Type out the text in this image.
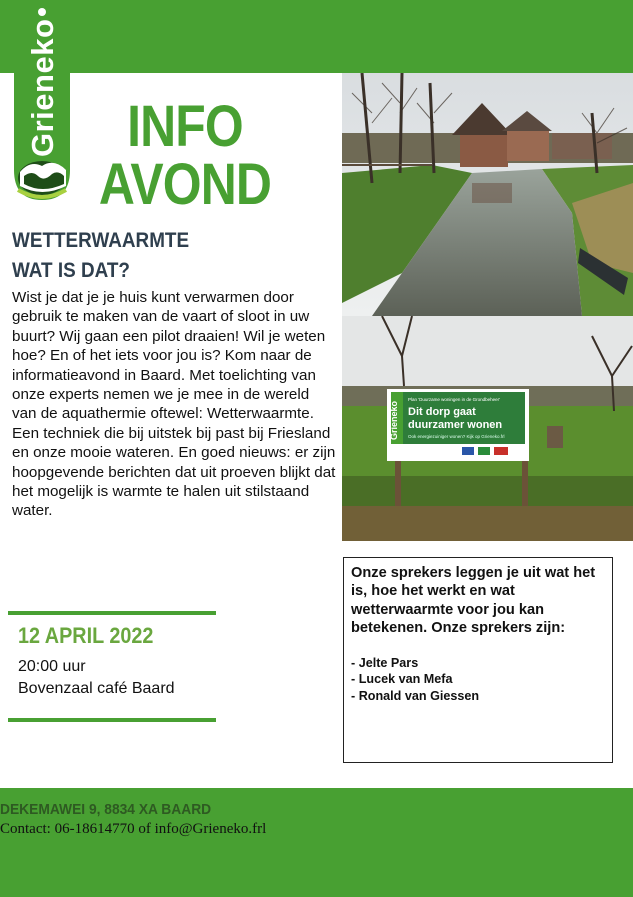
Grieneko	INFO
AVOND
WETTERWAARMTE
WAT IS DAT?
Wist je dat je je huis kunt verwarmen door gebruik te maken van de vaart of sloot in uw buurt? Wij gaan een pilot draaien! Wil je weten hoe? En of het iets voor jou is? Kom naar de informatieavond in Baard. Met toelichting van onze experts nemen we je mee in de wereld van de aquathermie oftewel: Wetterwaarmte. Een techniek die bij uitstek bij past bij Friesland en onze mooie wateren. En goed nieuws: er zijn hoopgevende berichten dat uit proeven blijkt dat het mogelijk is warmte te halen uit stilstaand water.
Grieneko
Plan 'Duurzame woningen in de Grondbeheer'
Dit dorp gaat
duurzamer wonen
Ook energiezuiniger wonen? Kijk op Grieneko.frl
12 APRIL 2022
20:00 uur
Bovenzaal café Baard
Onze sprekers leggen je uit wat het is, hoe het werkt en wat wetterwaarmte voor jou kan betekenen. Onze sprekers zijn:
- Jelte Pars
- Lucek van Mefa
- Ronald van Giessen
DEKEMAWEI 9, 8834 XA BAARD
Contact: 06-18614770 of info@Grieneko.frl
